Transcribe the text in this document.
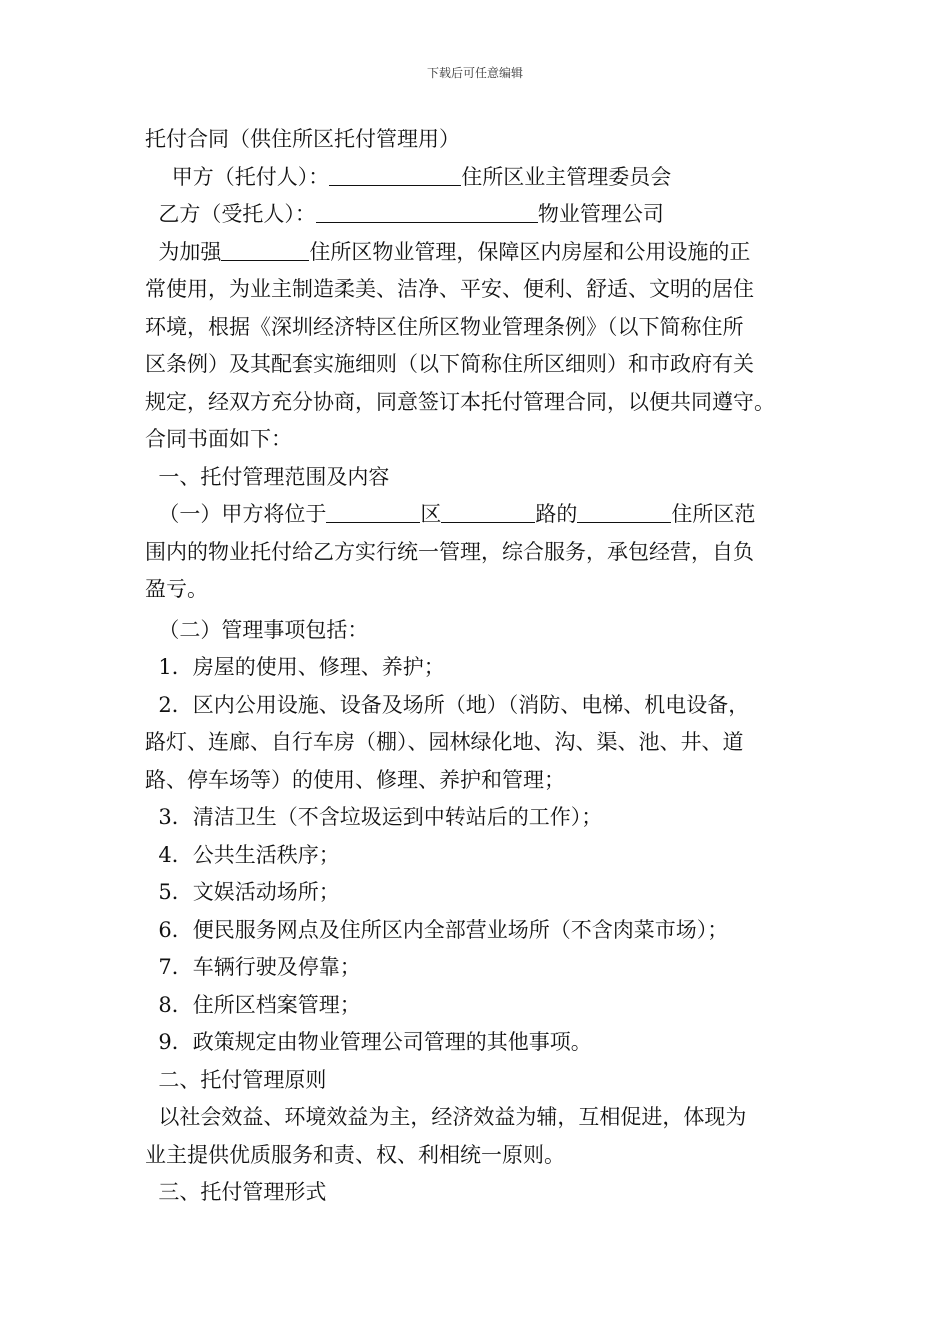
下载后可任意编辑
托付合同（供住所区托付管理用）
甲方（托付人）：	住所区业主管理委员会
乙方（受托人）：	物业管理公司
为加强	住所区物业管理，保障区内房屋和公用设施的正
常使用，为业主制造柔美、洁净、平安、便利、舒适、文明的居住
环境，根据《深圳经济特区住所区物业管理条例》（以下简称住所
区条例）及其配套实施细则（以下简称住所区细则）和市政府有关
规定，经双方充分协商，同意签订本托付管理合同，以便共同遵守。
合同书面如下：
一、托付管理范围及内容
（一）甲方将位于	区	路的	住所区范
围内的物业托付给乙方实行统一管理，综合服务，承包经营，自负
盈亏。
（二）管理事项包括：
1．房屋的使用、修理、养护；
2．区内公用设施、设备及场所（地）（消防、电梯、机电设备，
路灯、连廊、自行车房（棚）、园林绿化地、沟、渠、池、井、道
路、停车场等）的使用、修理、养护和管理；
3．清洁卫生（不含垃圾运到中转站后的工作）；
4．公共生活秩序；
5．文娱活动场所；
6．便民服务网点及住所区内全部营业场所（不含肉菜市场）；
7．车辆行驶及停靠；
8．住所区档案管理；
9．政策规定由物业管理公司管理的其他事项。
二、托付管理原则
以社会效益、环境效益为主，经济效益为辅，互相促进，体现为
业主提供优质服务和责、权、利相统一原则。
三、托付管理形式
